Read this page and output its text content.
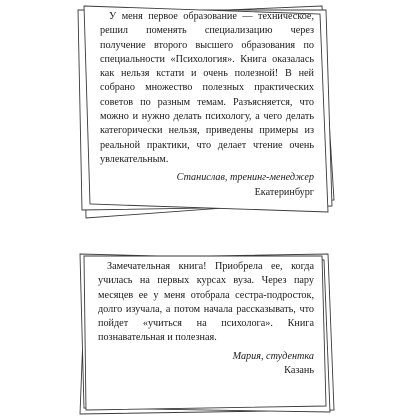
У меня первое образование — техническое, решил поменять специализацию через получение второго высшего образования по специальности «Психология». Книга оказалась как нельзя кстати и очень полезной! В ней собрано множество полезных практических советов по разным темам. Разъясняется, что можно и нужно делать психологу, а чего делать категорически нельзя, приведены примеры из реальной практики, что делает чтение очень увлекательным.

Станислав, тренинг-менеджер
Екатеринбург

Замечательная книга! Приобрела ее, когда училась на первых курсах вуза. Через пару месяцев ее у меня отобрала сестра-подросток, долго изучала, а потом начала рассказывать, что пойдет «учиться на психолога». Книга познавательная и полезная.

Мария, студентка
Казань
